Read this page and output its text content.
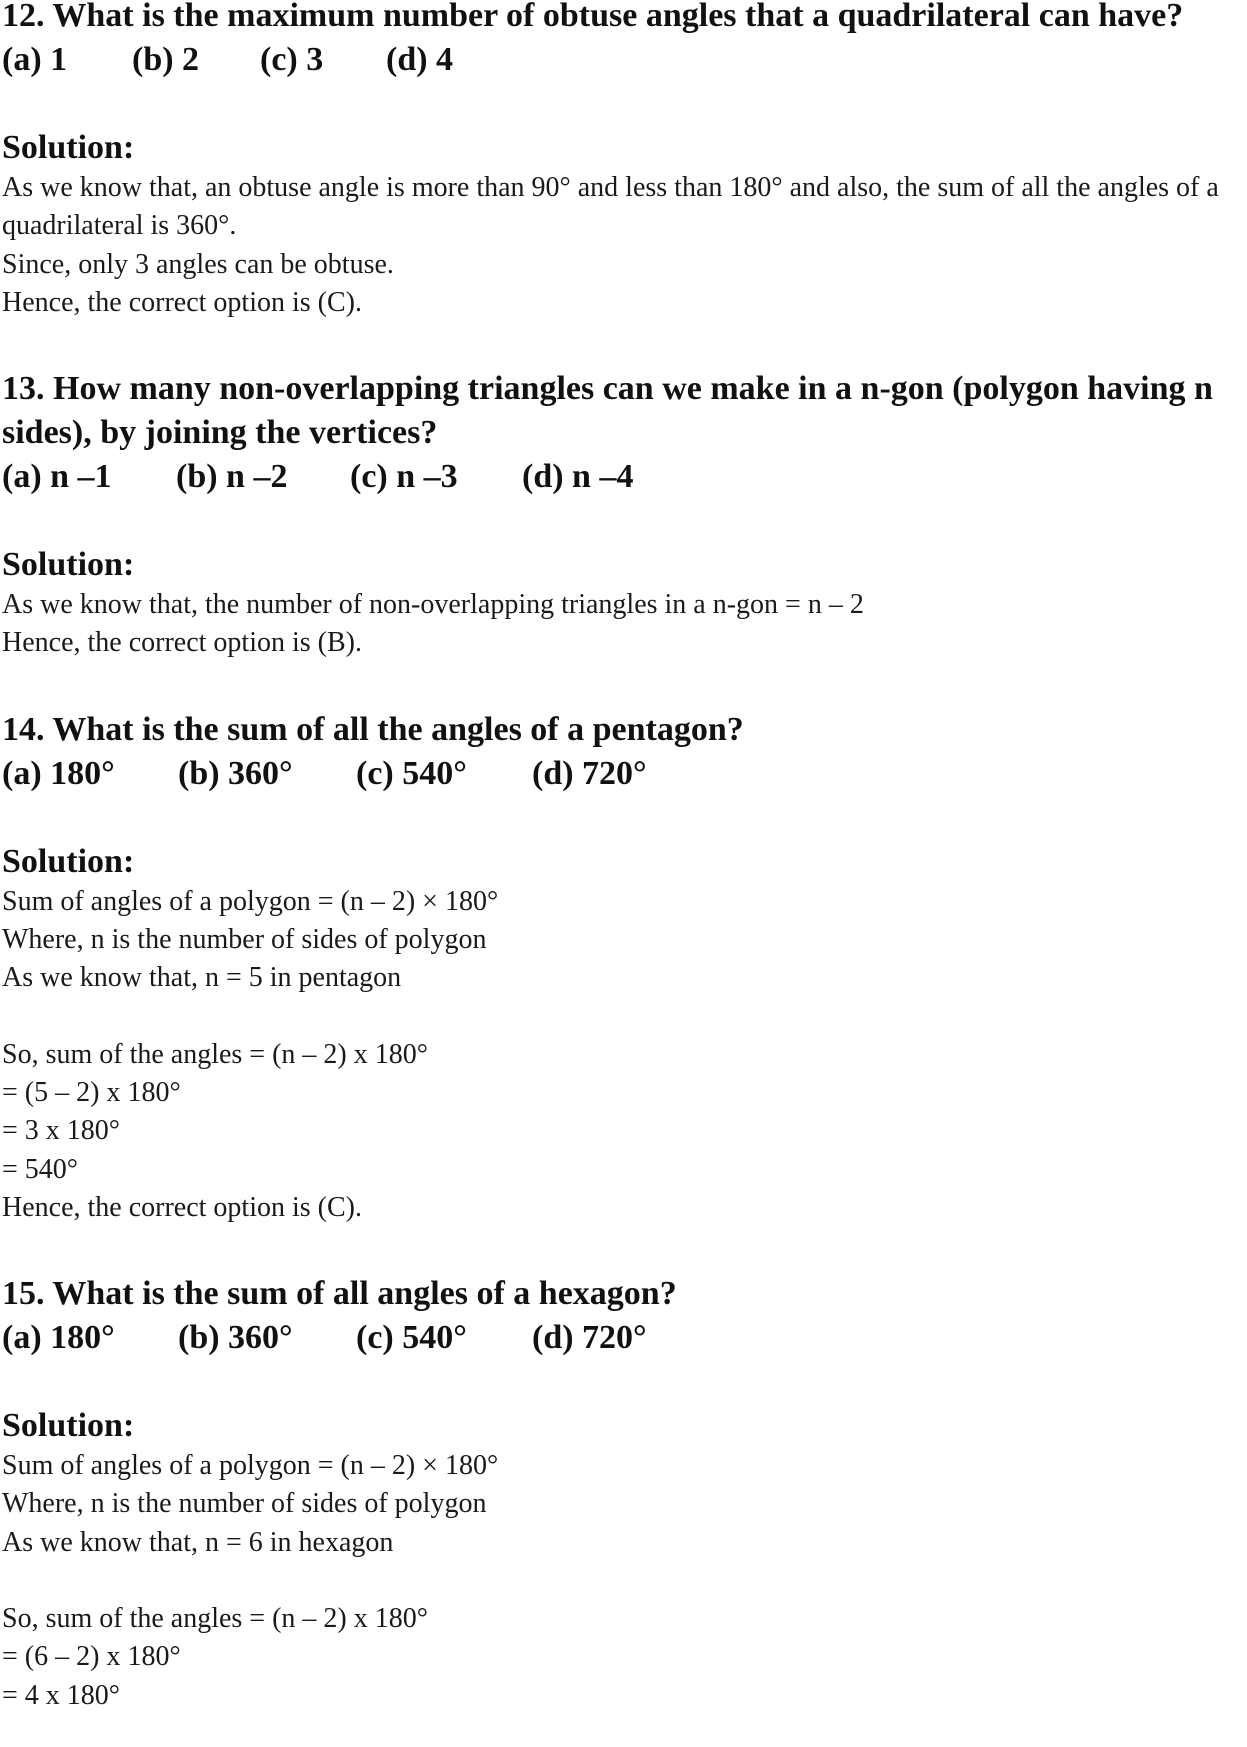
12. What is the maximum number of obtuse angles that a quadrilateral can have?

(a) 1 (b) 2 (c) 3 (d) 4

Solution:

As we know that, an obtuse angle is more than 90° and less than 180° and also, the sum of all the angles of a quadrilateral is 360°.

Since, only 3 angles can be obtuse.

Hence, the correct option is (C).

13. How many non-overlapping triangles can we make in a n-gon (polygon having n sides), by joining the vertices?

(a) n –1 (b) n –2 (c) n –3 (d) n –4

Solution:

As we know that, the number of non-overlapping triangles in a n-gon = n – 2

Hence, the correct option is (B).

14. What is the sum of all the angles of a pentagon?

(a) 180° (b) 360° (c) 540° (d) 720°

Solution:

Sum of angles of a polygon = (n – 2) × 180°

Where, n is the number of sides of polygon

As we know that, n = 5 in pentagon

So, sum of the angles = (n – 2) x 180°

= (5 – 2) x 180°

= 3 x 180°

= 540°

Hence, the correct option is (C).

15. What is the sum of all angles of a hexagon?

(a) 180° (b) 360° (c) 540° (d) 720°

Solution:

Sum of angles of a polygon = (n – 2) × 180°

Where, n is the number of sides of polygon

As we know that, n = 6 in hexagon

So, sum of the angles = (n – 2) x 180°

= (6 – 2) x 180°

= 4 x 180°
